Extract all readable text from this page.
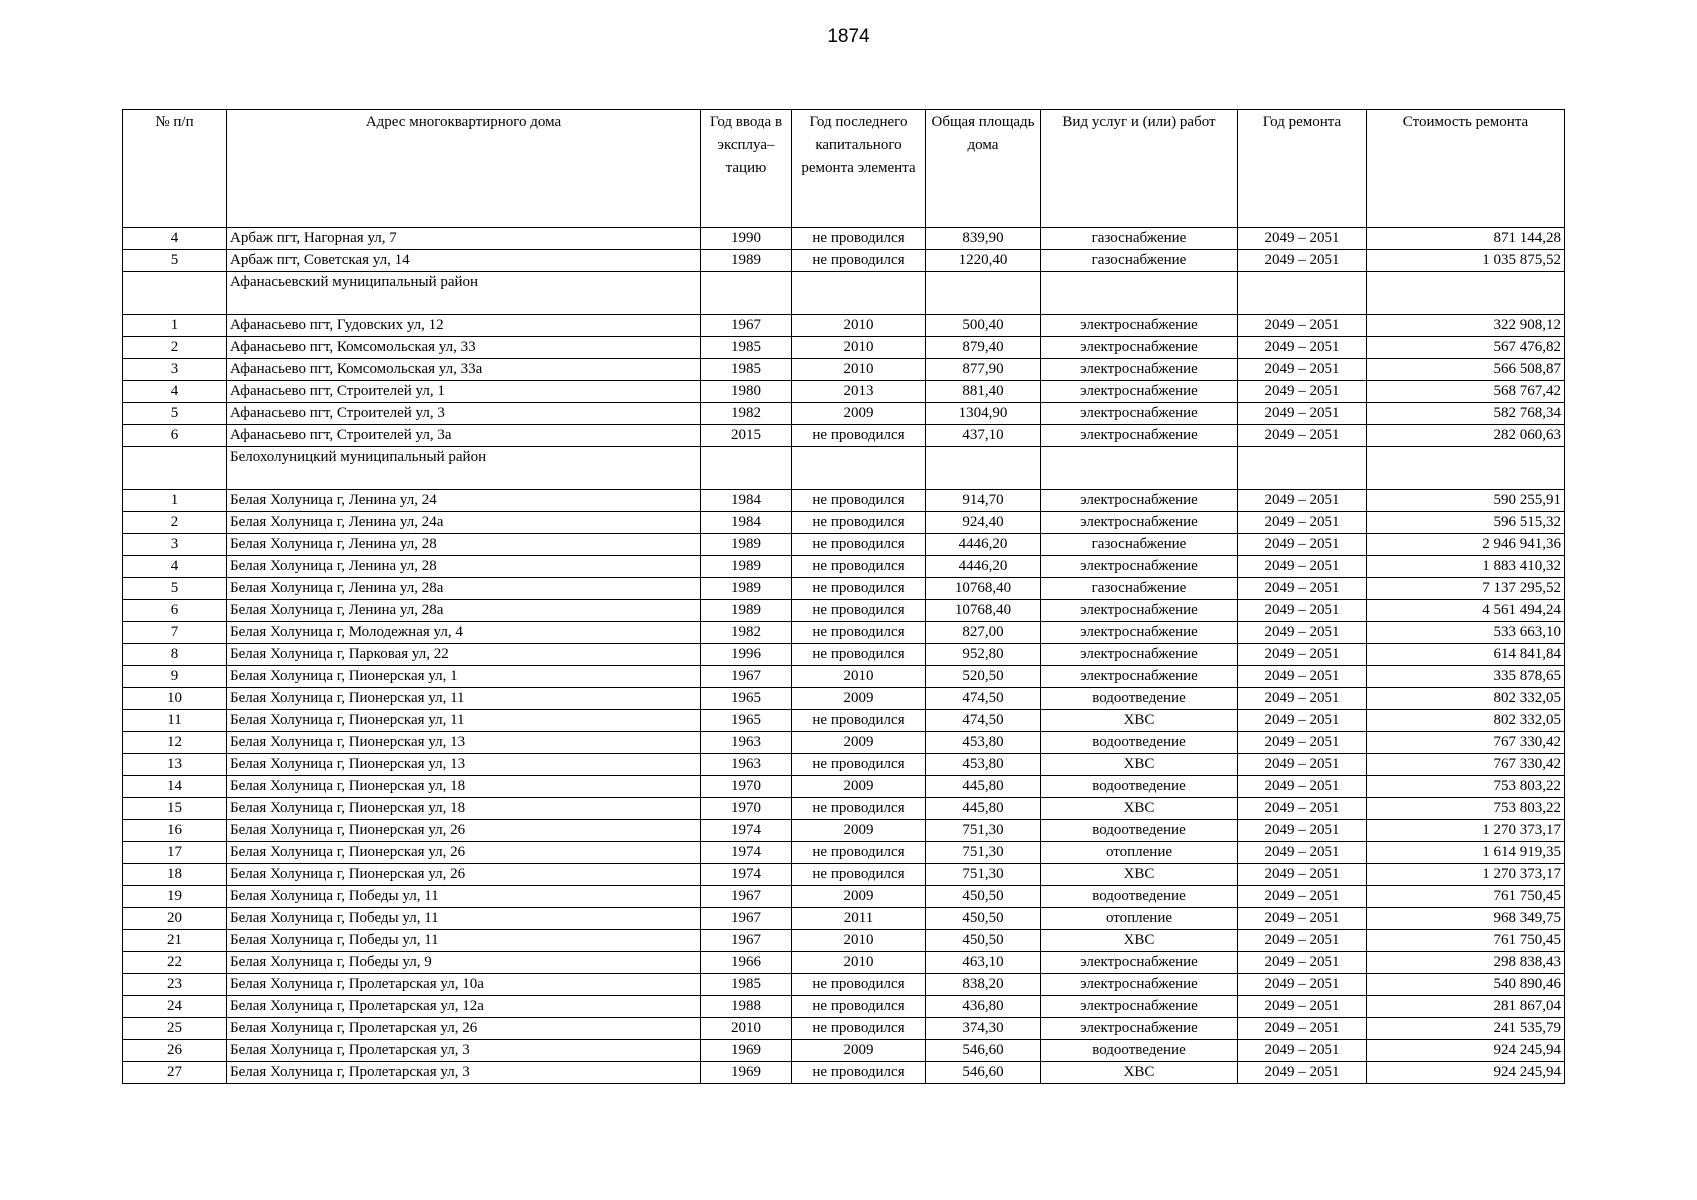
1874
№ п/п	Адрес многоквартирного дома	Год ввода в эксплуа–тацию	Год последнего капитального ремонта элемента	Общая площадь дома	Вид услуг и (или) работ	Год ремонта	Стоимость ремонта
4	Арбаж пгт, Нагорная ул, 7	1990	не проводился	839,90	газоснабжение	2049 – 2051	871 144,28
5	Арбаж пгт, Советская ул, 14	1989	не проводился	1220,40	газоснабжение	2049 – 2051	1 035 875,52
	Афанасьевский муниципальный район						
1	Афанасьево пгт, Гудовских ул, 12	1967	2010	500,40	электроснабжение	2049 – 2051	322 908,12
2	Афанасьево пгт, Комсомольская ул, 33	1985	2010	879,40	электроснабжение	2049 – 2051	567 476,82
3	Афанасьево пгт, Комсомольская ул, 33а	1985	2010	877,90	электроснабжение	2049 – 2051	566 508,87
4	Афанасьево пгт, Строителей ул, 1	1980	2013	881,40	электроснабжение	2049 – 2051	568 767,42
5	Афанасьево пгт, Строителей ул, 3	1982	2009	1304,90	электроснабжение	2049 – 2051	582 768,34
6	Афанасьево пгт, Строителей ул, 3а	2015	не проводился	437,10	электроснабжение	2049 – 2051	282 060,63
	Белохолуницкий муниципальный район						
1	Белая Холуница г, Ленина ул, 24	1984	не проводился	914,70	электроснабжение	2049 – 2051	590 255,91
2	Белая Холуница г, Ленина ул, 24а	1984	не проводился	924,40	электроснабжение	2049 – 2051	596 515,32
3	Белая Холуница г, Ленина ул, 28	1989	не проводился	4446,20	газоснабжение	2049 – 2051	2 946 941,36
4	Белая Холуница г, Ленина ул, 28	1989	не проводился	4446,20	электроснабжение	2049 – 2051	1 883 410,32
5	Белая Холуница г, Ленина ул, 28а	1989	не проводился	10768,40	газоснабжение	2049 – 2051	7 137 295,52
6	Белая Холуница г, Ленина ул, 28а	1989	не проводился	10768,40	электроснабжение	2049 – 2051	4 561 494,24
7	Белая Холуница г, Молодежная ул, 4	1982	не проводился	827,00	электроснабжение	2049 – 2051	533 663,10
8	Белая Холуница г, Парковая ул, 22	1996	не проводился	952,80	электроснабжение	2049 – 2051	614 841,84
9	Белая Холуница г, Пионерская ул, 1	1967	2010	520,50	электроснабжение	2049 – 2051	335 878,65
10	Белая Холуница г, Пионерская ул, 11	1965	2009	474,50	водоотведение	2049 – 2051	802 332,05
11	Белая Холуница г, Пионерская ул, 11	1965	не проводился	474,50	ХВС	2049 – 2051	802 332,05
12	Белая Холуница г, Пионерская ул, 13	1963	2009	453,80	водоотведение	2049 – 2051	767 330,42
13	Белая Холуница г, Пионерская ул, 13	1963	не проводился	453,80	ХВС	2049 – 2051	767 330,42
14	Белая Холуница г, Пионерская ул, 18	1970	2009	445,80	водоотведение	2049 – 2051	753 803,22
15	Белая Холуница г, Пионерская ул, 18	1970	не проводился	445,80	ХВС	2049 – 2051	753 803,22
16	Белая Холуница г, Пионерская ул, 26	1974	2009	751,30	водоотведение	2049 – 2051	1 270 373,17
17	Белая Холуница г, Пионерская ул, 26	1974	не проводился	751,30	отопление	2049 – 2051	1 614 919,35
18	Белая Холуница г, Пионерская ул, 26	1974	не проводился	751,30	ХВС	2049 – 2051	1 270 373,17
19	Белая Холуница г, Победы ул, 11	1967	2009	450,50	водоотведение	2049 – 2051	761 750,45
20	Белая Холуница г, Победы ул, 11	1967	2011	450,50	отопление	2049 – 2051	968 349,75
21	Белая Холуница г, Победы ул, 11	1967	2010	450,50	ХВС	2049 – 2051	761 750,45
22	Белая Холуница г, Победы ул, 9	1966	2010	463,10	электроснабжение	2049 – 2051	298 838,43
23	Белая Холуница г, Пролетарская ул, 10а	1985	не проводился	838,20	электроснабжение	2049 – 2051	540 890,46
24	Белая Холуница г, Пролетарская ул, 12а	1988	не проводился	436,80	электроснабжение	2049 – 2051	281 867,04
25	Белая Холуница г, Пролетарская ул, 26	2010	не проводился	374,30	электроснабжение	2049 – 2051	241 535,79
26	Белая Холуница г, Пролетарская ул, 3	1969	2009	546,60	водоотведение	2049 – 2051	924 245,94
27	Белая Холуница г, Пролетарская ул, 3	1969	не проводился	546,60	ХВС	2049 – 2051	924 245,94
